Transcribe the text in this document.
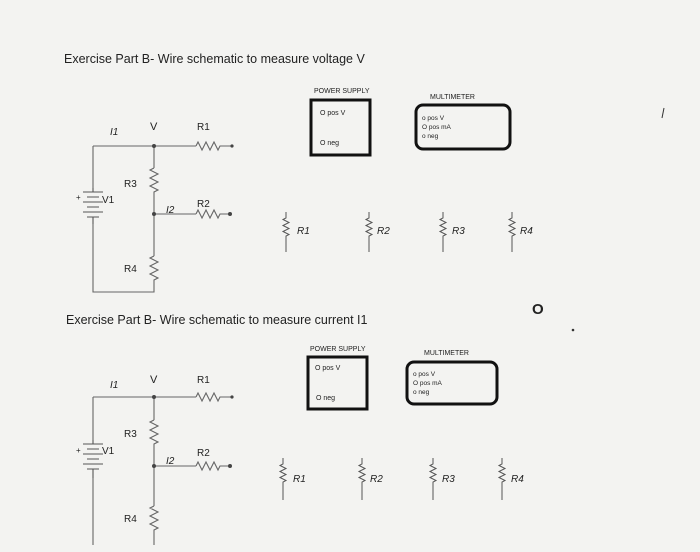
Exercise Part B- Wire schematic to measure voltage V
Exercise Part B- Wire schematic to measure current I1
+
I1	V	R1
R3
V1
I2
R2
R4
POWER SUPPLY
O pos V
O neg
MULTIMETER
o pos V
O pos mA
o neg
R1	R2	R3	R4
O
+
I1	V	R1
R3
V1
I2
R2
R4
POWER SUPPLY
O pos V
O neg
MULTIMETER
o pos V
O pos mA
o neg
R1	R2	R3	R4
